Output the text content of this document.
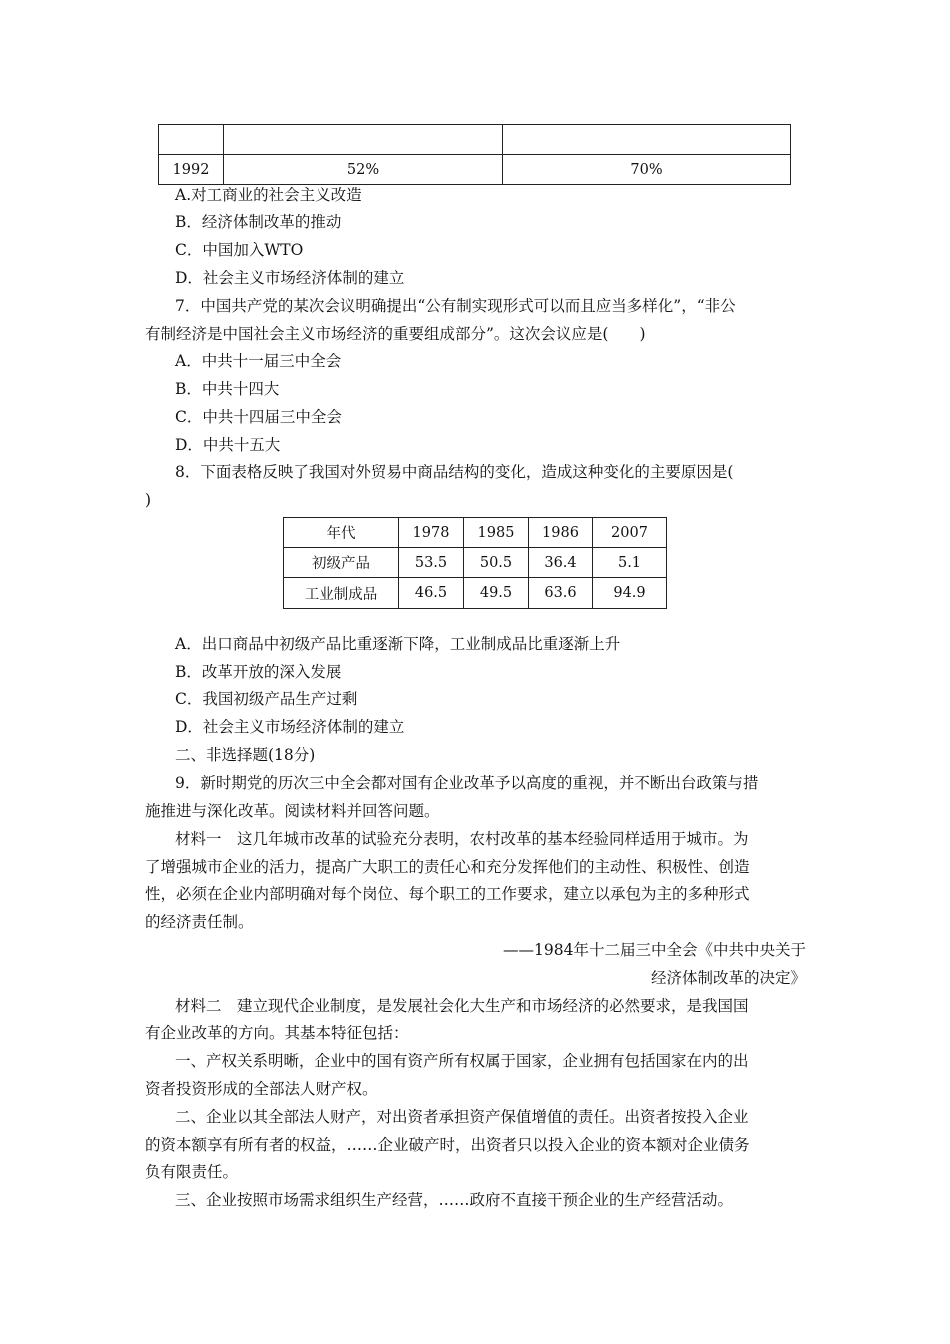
1992	52%	70%
A.对工商业的社会主义改造
B．经济体制改革的推动
C．中国加入WTO
D．社会主义市场经济体制的建立
7．中国共产党的某次会议明确提出“公有制实现形式可以而且应当多样化”，“非公
有制经济是中国社会主义市场经济的重要组成部分”。这次会议应是(　　)
A．中共十一届三中全会
B．中共十四大
C．中共十四届三中全会
D．中共十五大
8．下面表格反映了我国对外贸易中商品结构的变化，造成这种变化的主要原因是(
)
年代	1978	1985	1986	2007
初级产品	53.5	50.5	36.4	5.1
工业制成品	46.5	49.5	63.6	94.9
A．出口商品中初级产品比重逐渐下降，工业制成品比重逐渐上升
B．改革开放的深入发展
C．我国初级产品生产过剩
D．社会主义市场经济体制的建立
二、非选择题(18分)
9．新时期党的历次三中全会都对国有企业改革予以高度的重视，并不断出台政策与措
施推进与深化改革。阅读材料并回答问题。
材料一　这几年城市改革的试验充分表明，农村改革的基本经验同样适用于城市。为
了增强城市企业的活力，提高广大职工的责任心和充分发挥他们的主动性、积极性、创造
性，必须在企业内部明确对每个岗位、每个职工的工作要求，建立以承包为主的多种形式
的经济责任制。
——1984年十二届三中全会《中共中央关于
经济体制改革的决定》
材料二　建立现代企业制度，是发展社会化大生产和市场经济的必然要求，是我国国
有企业改革的方向。其基本特征包括：
一、产权关系明晰，企业中的国有资产所有权属于国家，企业拥有包括国家在内的出
资者投资形成的全部法人财产权。
二、企业以其全部法人财产，对出资者承担资产保值增值的责任。出资者按投入企业
的资本额享有所有者的权益，……企业破产时，出资者只以投入企业的资本额对企业债务
负有限责任。
三、企业按照市场需求组织生产经营，……政府不直接干预企业的生产经营活动。
